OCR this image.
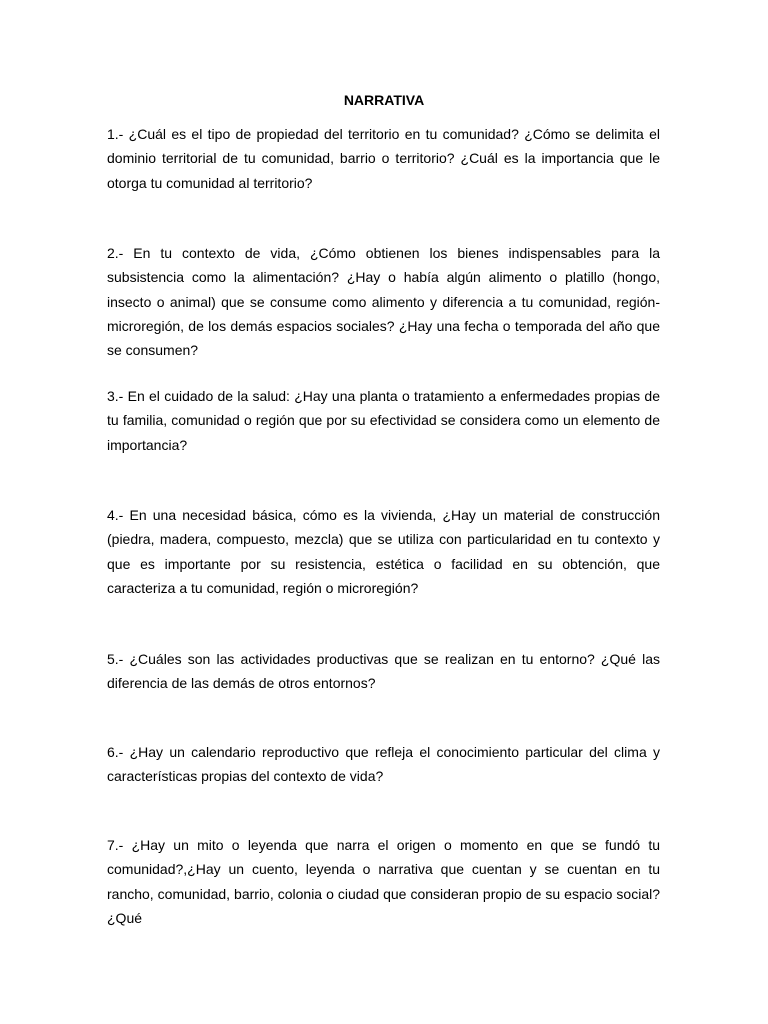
NARRATIVA

1.- ¿Cuál es el tipo de propiedad del territorio en tu comunidad? ¿Cómo se delimita el dominio territorial de tu comunidad, barrio o territorio? ¿Cuál es la importancia que le otorga tu comunidad al territorio?

2.- En tu contexto de vida, ¿Cómo obtienen los bienes indispensables para la subsistencia como la alimentación? ¿Hay o había algún alimento o platillo (hongo, insecto o animal) que se consume como alimento y diferencia a tu comunidad, región-microregión, de los demás espacios sociales? ¿Hay una fecha o temporada del año que se consumen?

3.- En el cuidado de la salud: ¿Hay una planta o tratamiento a enfermedades propias de tu familia, comunidad o región que por su efectividad se considera como un elemento de importancia?

4.- En una necesidad básica, cómo es la vivienda, ¿Hay un material de construcción (piedra, madera, compuesto, mezcla) que se utiliza con particularidad en tu contexto y que es importante por su resistencia, estética o facilidad en su obtención, que caracteriza a tu comunidad, región o microregión?

5.- ¿Cuáles son las actividades productivas que se realizan en tu entorno? ¿Qué las diferencia de las demás de otros entornos?

6.- ¿Hay un calendario reproductivo que refleja el conocimiento particular del clima y características propias del contexto de vida?

7.- ¿Hay un mito o leyenda que narra el origen o momento en que se fundó tu comunidad?,¿Hay un cuento, leyenda o narrativa que cuentan y se cuentan en tu rancho, comunidad, barrio, colonia o ciudad que consideran propio de su espacio social? ¿Qué
